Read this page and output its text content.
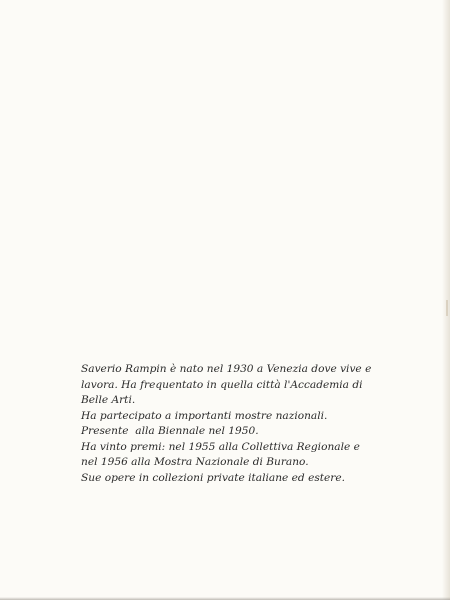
Saverio Rampin è nato nel 1930 a Venezia dove vive e
lavora. Ha frequentato in quella città l'Accademia di
Belle Arti.
Ha partecipato a importanti mostre nazionali.
Presente  alla Biennale nel 1950.
Ha vinto premi: nel 1955 alla Collettiva Regionale e
nel 1956 alla Mostra Nazionale di Burano.
Sue opere in collezioni private italiane ed estere.
